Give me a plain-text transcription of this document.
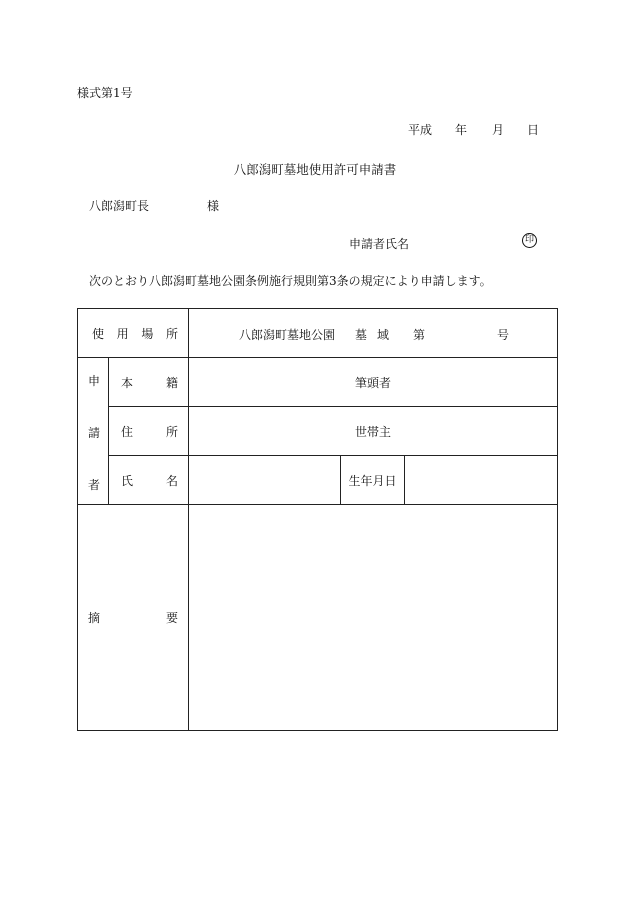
様式第1号
平成 年 月 日
八郎潟町墓地使用許可申請書
八郎潟町長	様
申請者氏名	印
次のとおり八郎潟町墓地公園条例施行規則第3条の規定により申請します。
使 用 場 所		八郎潟町墓地公園 墓 域 第 号		

申
請
者	本 籍	筆頭者		

	住 所	世帯主		

	氏 名		生年月日	

摘 要				
